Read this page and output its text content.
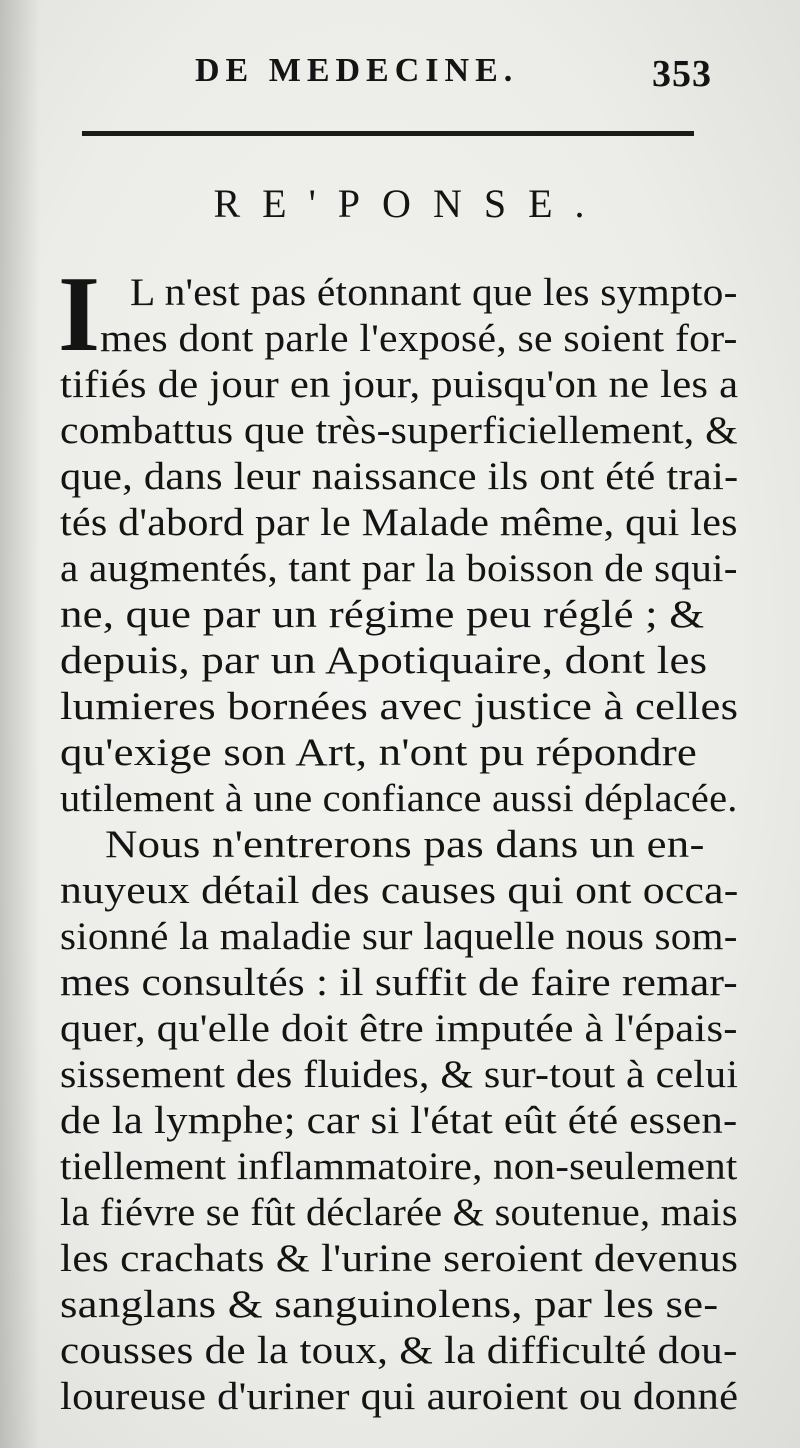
DE MEDECINE.	353
RE'PONSE.
I L n'est pas étonnant que les sympto-
mes dont parle l'exposé, se soient for-
tifiés de jour en jour, puisqu'on ne les a
combattus que très-superficiellement, &
que, dans leur naissance ils ont été trai-
tés d'abord par le Malade même, qui les
a augmentés, tant par la boisson de squi-
ne, que par un régime peu réglé ; &
depuis, par un Apotiquaire, dont les
lumieres bornées avec justice à celles
qu'exige son Art, n'ont pu répondre
utilement à une confiance aussi déplacée.
Nous n'entrerons pas dans un en-
nuyeux détail des causes qui ont occa-
sionné la maladie sur laquelle nous som-
mes consultés : il suffit de faire remar-
quer, qu'elle doit être imputée à l'épais-
sissement des fluides, & sur-tout à celui
de la lymphe; car si l'état eût été essen-
tiellement inflammatoire, non-seulement
la fiévre se fût déclarée & soutenue, mais
les crachats & l'urine seroient devenus
sanglans & sanguinolens, par les se-
cousses de la toux, & la difficulté dou-
loureuse d'uriner qui auroient ou donné
